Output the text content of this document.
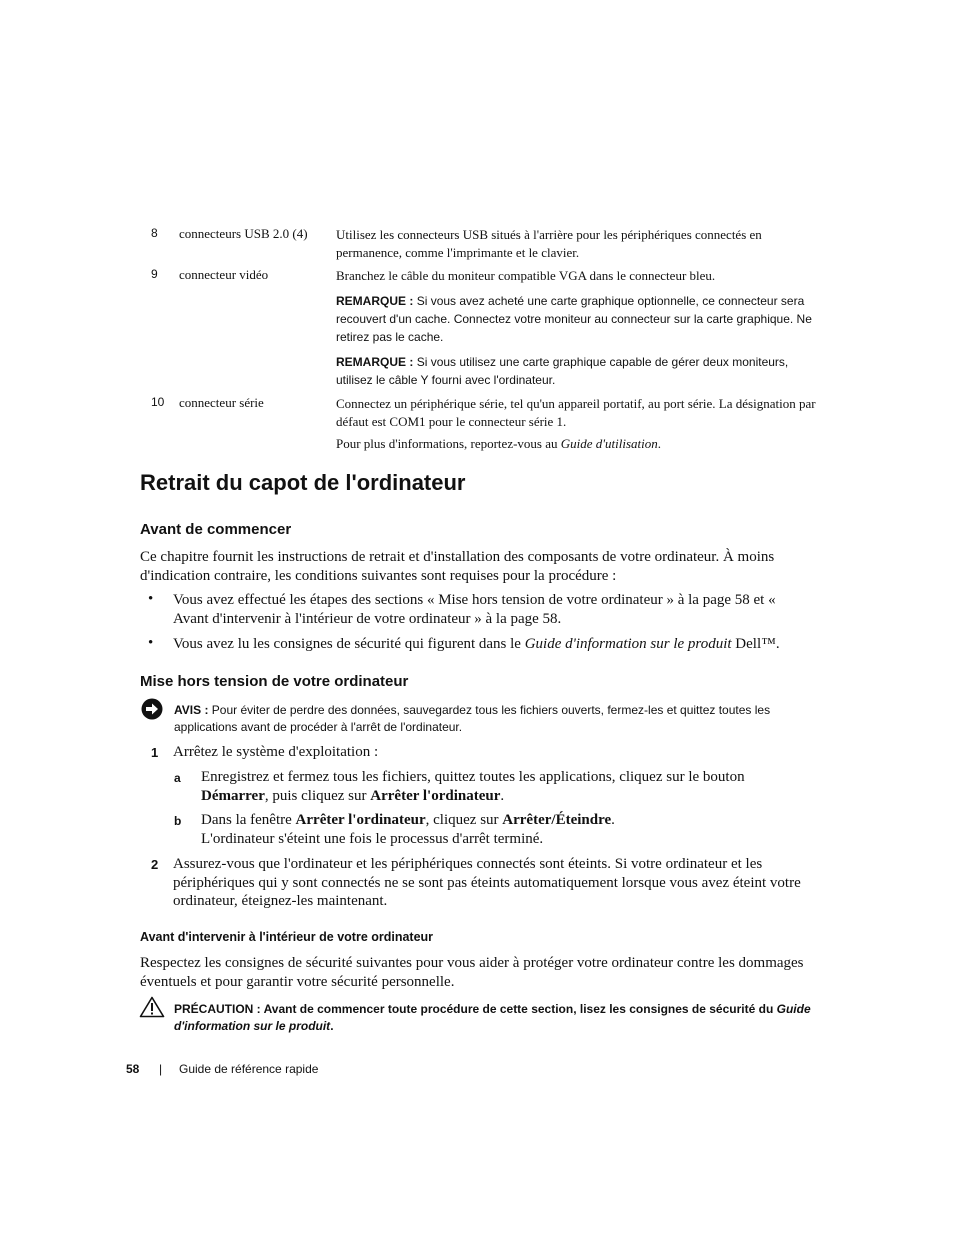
8 connecteurs USB 2.0 (4) Utilisez les connecteurs USB situés à l'arrière pour les périphériques connectés en permanence, comme l'imprimante et le clavier.
9 connecteur vidéo	Branchez le câble du moniteur compatible VGA dans le connecteur bleu.
REMARQUE : Si vous avez acheté une carte graphique optionnelle, ce connecteur sera recouvert d'un cache. Connectez votre moniteur au connecteur sur la carte graphique. Ne retirez pas le cache.
REMARQUE : Si vous utilisez une carte graphique capable de gérer deux moniteurs, utilisez le câble Y fourni avec l'ordinateur.
10 connecteur série	Connectez un périphérique série, tel qu'un appareil portatif, au port série. La désignation par défaut est COM1 pour le connecteur série 1.
Pour plus d'informations, reportez-vous au Guide d'utilisation.
Retrait du capot de l'ordinateur
Avant de commencer

Ce chapitre fournit les instructions de retrait et d'installation des composants de votre ordinateur. À moins d'indication contraire, les conditions suivantes sont requises pour la procédure :

• Vous avez effectué les étapes des sections « Mise hors tension de votre ordinateur » à la page 58 et « Avant d'intervenir à l'intérieur de votre ordinateur » à la page 58.
• Vous avez lu les consignes de sécurité qui figurent dans le Guide d'information sur le produit Dell™.
Mise hors tension de votre ordinateur
AVIS : Pour éviter de perdre des données, sauvegardez tous les fichiers ouverts, fermez-les et quittez toutes les applications avant de procéder à l'arrêt de l'ordinateur.
1 Arrêtez le système d'exploitation :
a Enregistrez et fermez tous les fichiers, quittez toutes les applications, cliquez sur le bouton Démarrer, puis cliquez sur Arrêter l'ordinateur.
b Dans la fenêtre Arrêter l'ordinateur, cliquez sur Arrêter/Éteindre.
L'ordinateur s'éteint une fois le processus d'arrêt terminé.
2 Assurez-vous que l'ordinateur et les périphériques connectés sont éteints. Si votre ordinateur et les périphériques qui y sont connectés ne se sont pas éteints automatiquement lorsque vous avez éteint votre ordinateur, éteignez-les maintenant.
Avant d'intervenir à l'intérieur de votre ordinateur

Respectez les consignes de sécurité suivantes pour vous aider à protéger votre ordinateur contre les dommages éventuels et pour garantir votre sécurité personnelle.

PRÉCAUTION : Avant de commencer toute procédure de cette section, lisez les consignes de sécurité du Guide d'information sur le produit.
58 | Guide de référence rapide
